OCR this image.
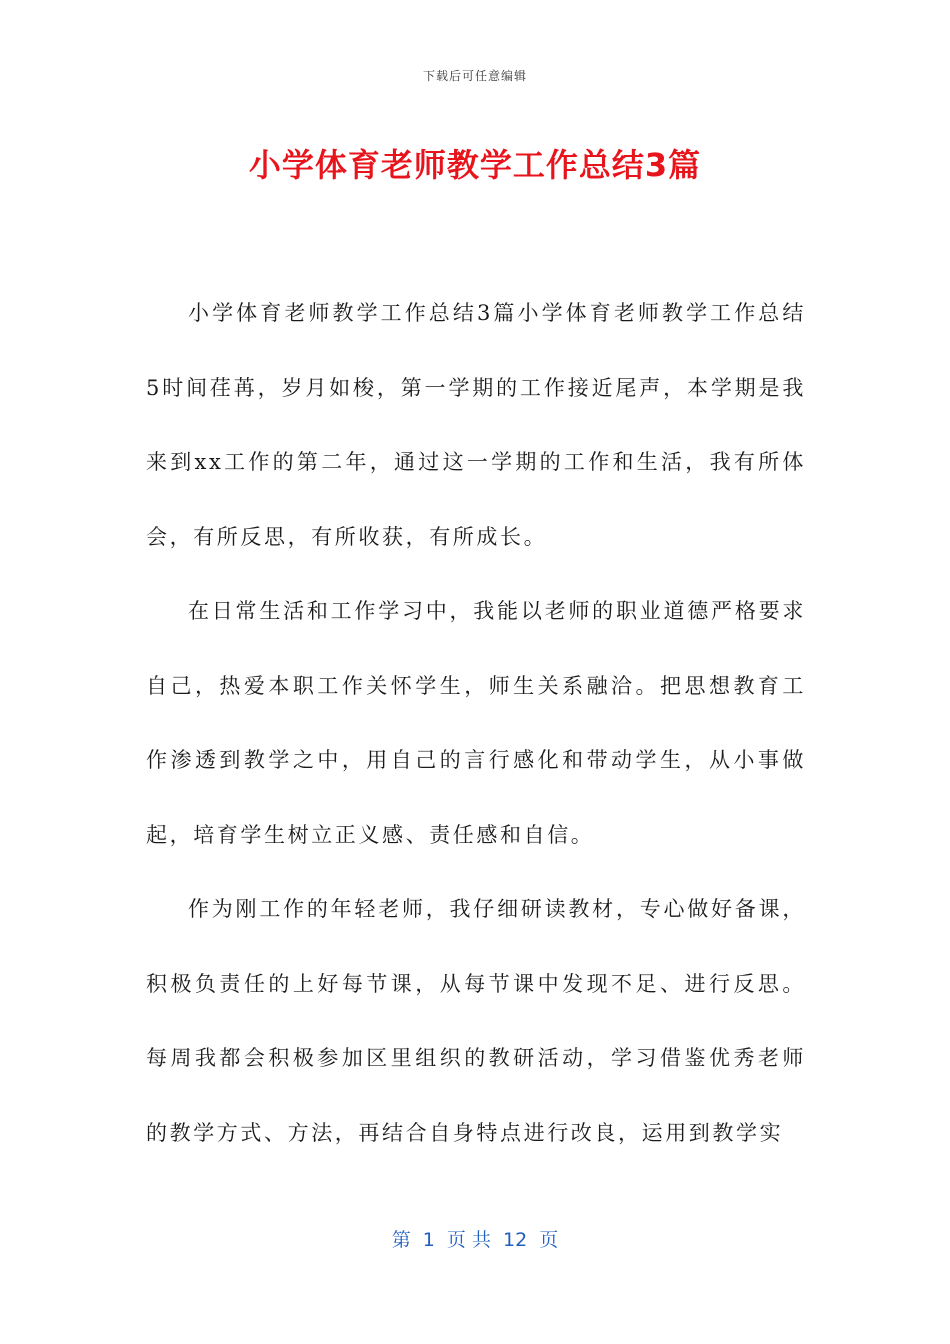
下载后可任意编辑
小学体育老师教学工作总结3篇

小学体育老师教学工作总结3篇小学体育老师教学工作总结5时间荏苒，岁月如梭，第一学期的工作接近尾声，本学期是我来到xx工作的第二年，通过这一学期的工作和生活，我有所体会，有所反思，有所收获，有所成长。

在日常生活和工作学习中，我能以老师的职业道德严格要求自己，热爱本职工作关怀学生，师生关系融洽。把思想教育工作渗透到教学之中，用自己的言行感化和带动学生，从小事做起，培育学生树立正义感、责任感和自信。

作为刚工作的年轻老师，我仔细研读教材，专心做好备课，积极负责任的上好每节课，从每节课中发现不足、进行反思。每周我都会积极参加区里组织的教研活动，学习借鉴优秀老师的教学方式、方法，再结合自身特点进行改良，运用到教学实

第  1  页 共  12  页
